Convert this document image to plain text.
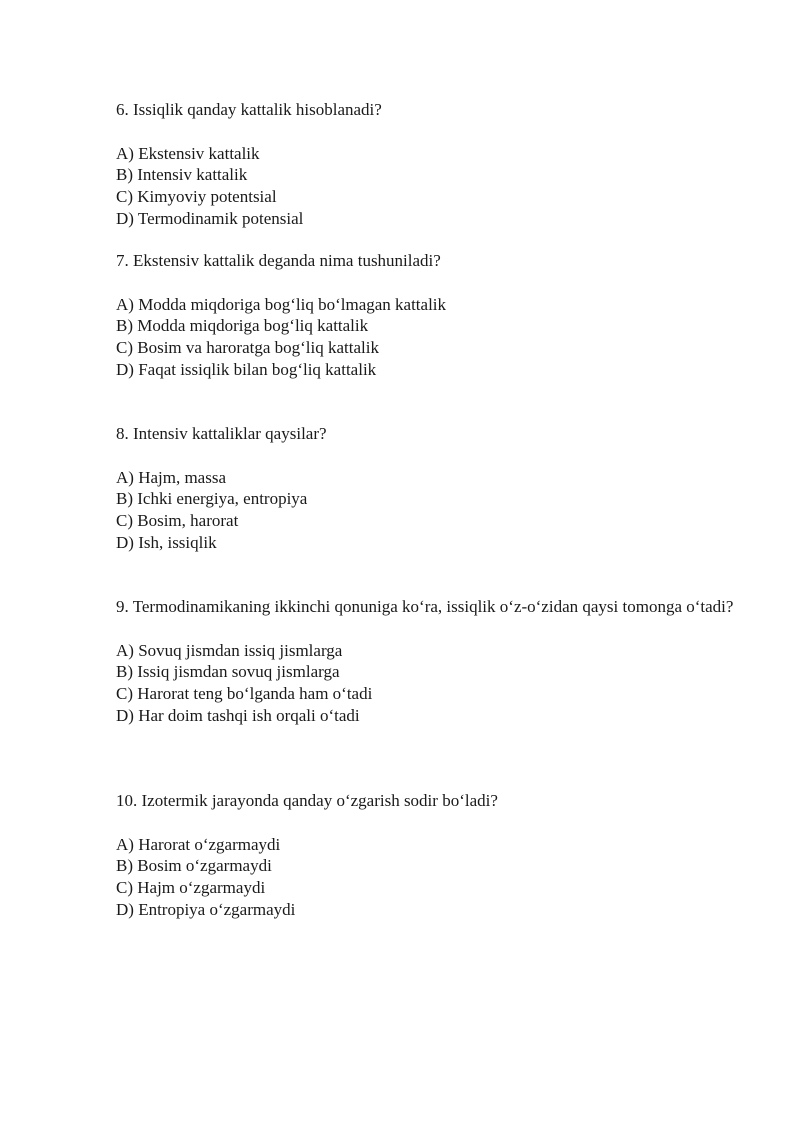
6. Issiqlik qanday kattalik hisoblanadi?

A) Ekstensiv kattalik

B) Intensiv kattalik

C) Kimyoviy potentsial

D) Termodinamik potensial

7. Ekstensiv kattalik deganda nima tushuniladi?

A) Modda miqdoriga bog‘liq bo‘lmagan kattalik

B) Modda miqdoriga bog‘liq kattalik

C) Bosim va haroratga bog‘liq kattalik

D) Faqat issiqlik bilan bog‘liq kattalik

8. Intensiv kattaliklar qaysilar?

A) Hajm, massa

B) Ichki energiya, entropiya

C) Bosim, harorat

D) Ish, issiqlik

9. Termodinamikaning ikkinchi qonuniga ko‘ra, issiqlik o‘z-o‘zidan qaysi tomonga o‘tadi?

A) Sovuq jismdan issiq jismlarga

B) Issiq jismdan sovuq jismlarga

C) Harorat teng bo‘lganda ham o‘tadi

D) Har doim tashqi ish orqali o‘tadi

10. Izotermik jarayonda qanday o‘zgarish sodir bo‘ladi?

A) Harorat o‘zgarmaydi

B) Bosim o‘zgarmaydi

C) Hajm o‘zgarmaydi

D) Entropiya o‘zgarmaydi
